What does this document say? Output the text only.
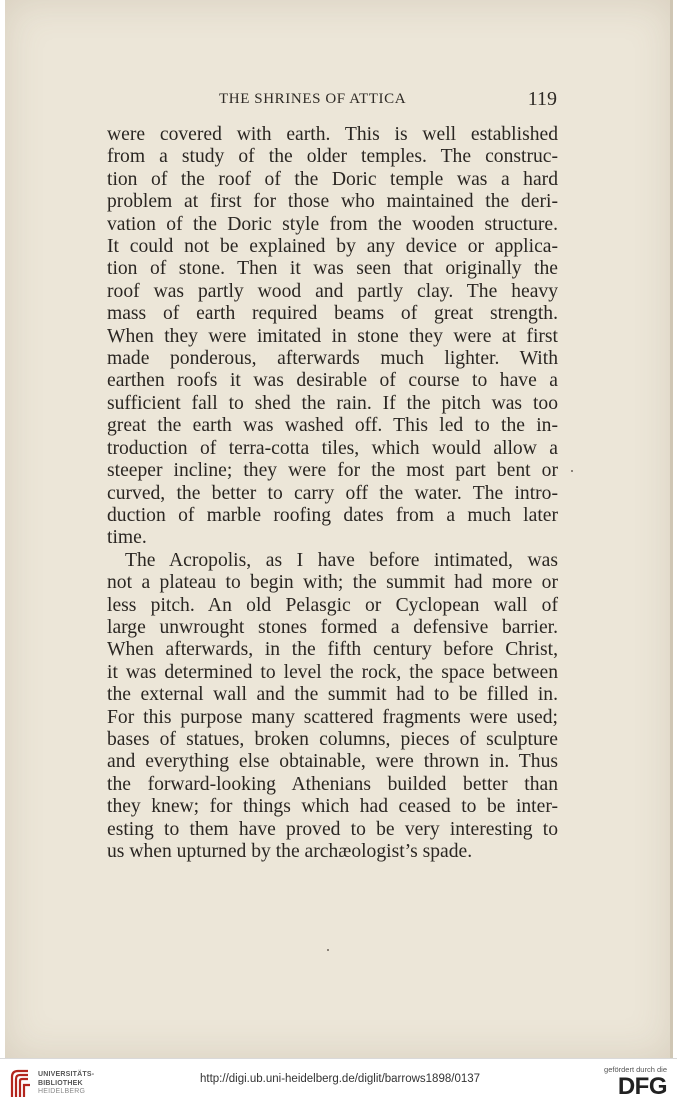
THE SHRINES OF ATTICA	119

were covered with earth. This is well established
from a study of the older temples. The construc-
tion of the roof of the Doric temple was a hard
problem at first for those who maintained the deri-
vation of the Doric style from the wooden structure.
It could not be explained by any device or applica-
tion of stone. Then it was seen that originally the
roof was partly wood and partly clay. The heavy
mass of earth required beams of great strength.
When they were imitated in stone they were at first
made ponderous, afterwards much lighter. With
earthen roofs it was desirable of course to have a
sufficient fall to shed the rain. If the pitch was too
great the earth was washed off. This led to the in-
troduction of terra-cotta tiles, which would allow a
steeper incline; they were for the most part bent or
curved, the better to carry off the water. The intro-
duction of marble roofing dates from a much later
time.

The Acropolis, as I have before intimated, was
not a plateau to begin with; the summit had more or
less pitch. An old Pelasgic or Cyclopean wall of
large unwrought stones formed a defensive barrier.
When afterwards, in the fifth century before Christ,
it was determined to level the rock, the space between
the external wall and the summit had to be filled in.
For this purpose many scattered fragments were used;
bases of statues, broken columns, pieces of sculpture
and everything else obtainable, were thrown in. Thus
the forward-looking Athenians builded better than
they knew; for things which had ceased to be inter-
esting to them have proved to be very interesting to
us when upturned by the archæologist’s spade.

UNIVERSITÄTS-
BIBLIOTHEK
HEIDELBERG
http://digi.ub.uni-heidelberg.de/diglit/barrows1898/0137
gefördert durch die
DFG
